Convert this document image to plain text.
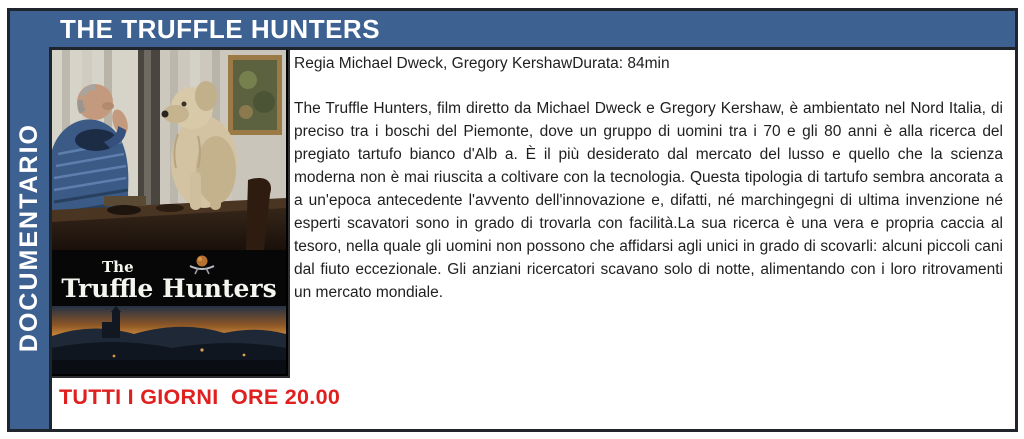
THE TRUFFLE HUNTERS
DOCUMENTARIO	The
Truffle Hunters

Regia Michael Dweck, Gregory KershawDurata: 84min

The Truffle Hunters, film diretto da Michael Dweck e Gregory Kershaw, è ambientato nel Nord Italia, di preciso tra i boschi del Piemonte, dove un gruppo di uomini tra i 70 e gli 80 anni è alla ricerca del pregiato tartufo bianco d'Alb a. È il più desiderato dal mercato del lusso e quello che la scienza moderna non è mai riuscita a coltivare con la tecnologia. Questa tipologia di tartufo sembra ancorata a a un'epoca antecedente l'avvento dell'innovazione e, difatti, né marchingegni di ultima invenzione né esperti scavatori sono in grado di trovarla con facilità.La sua ricerca è una vera e propria caccia al tesoro, nella quale gli uomini non possono che affidarsi agli unici in grado di scovarli: alcuni piccoli cani dal fiuto eccezionale. Gli anziani ricercatori scavano solo di notte, alimentando con i loro ritrovamenti un mercato mondiale.

TUTTI I GIORNI  ORE 20.00
